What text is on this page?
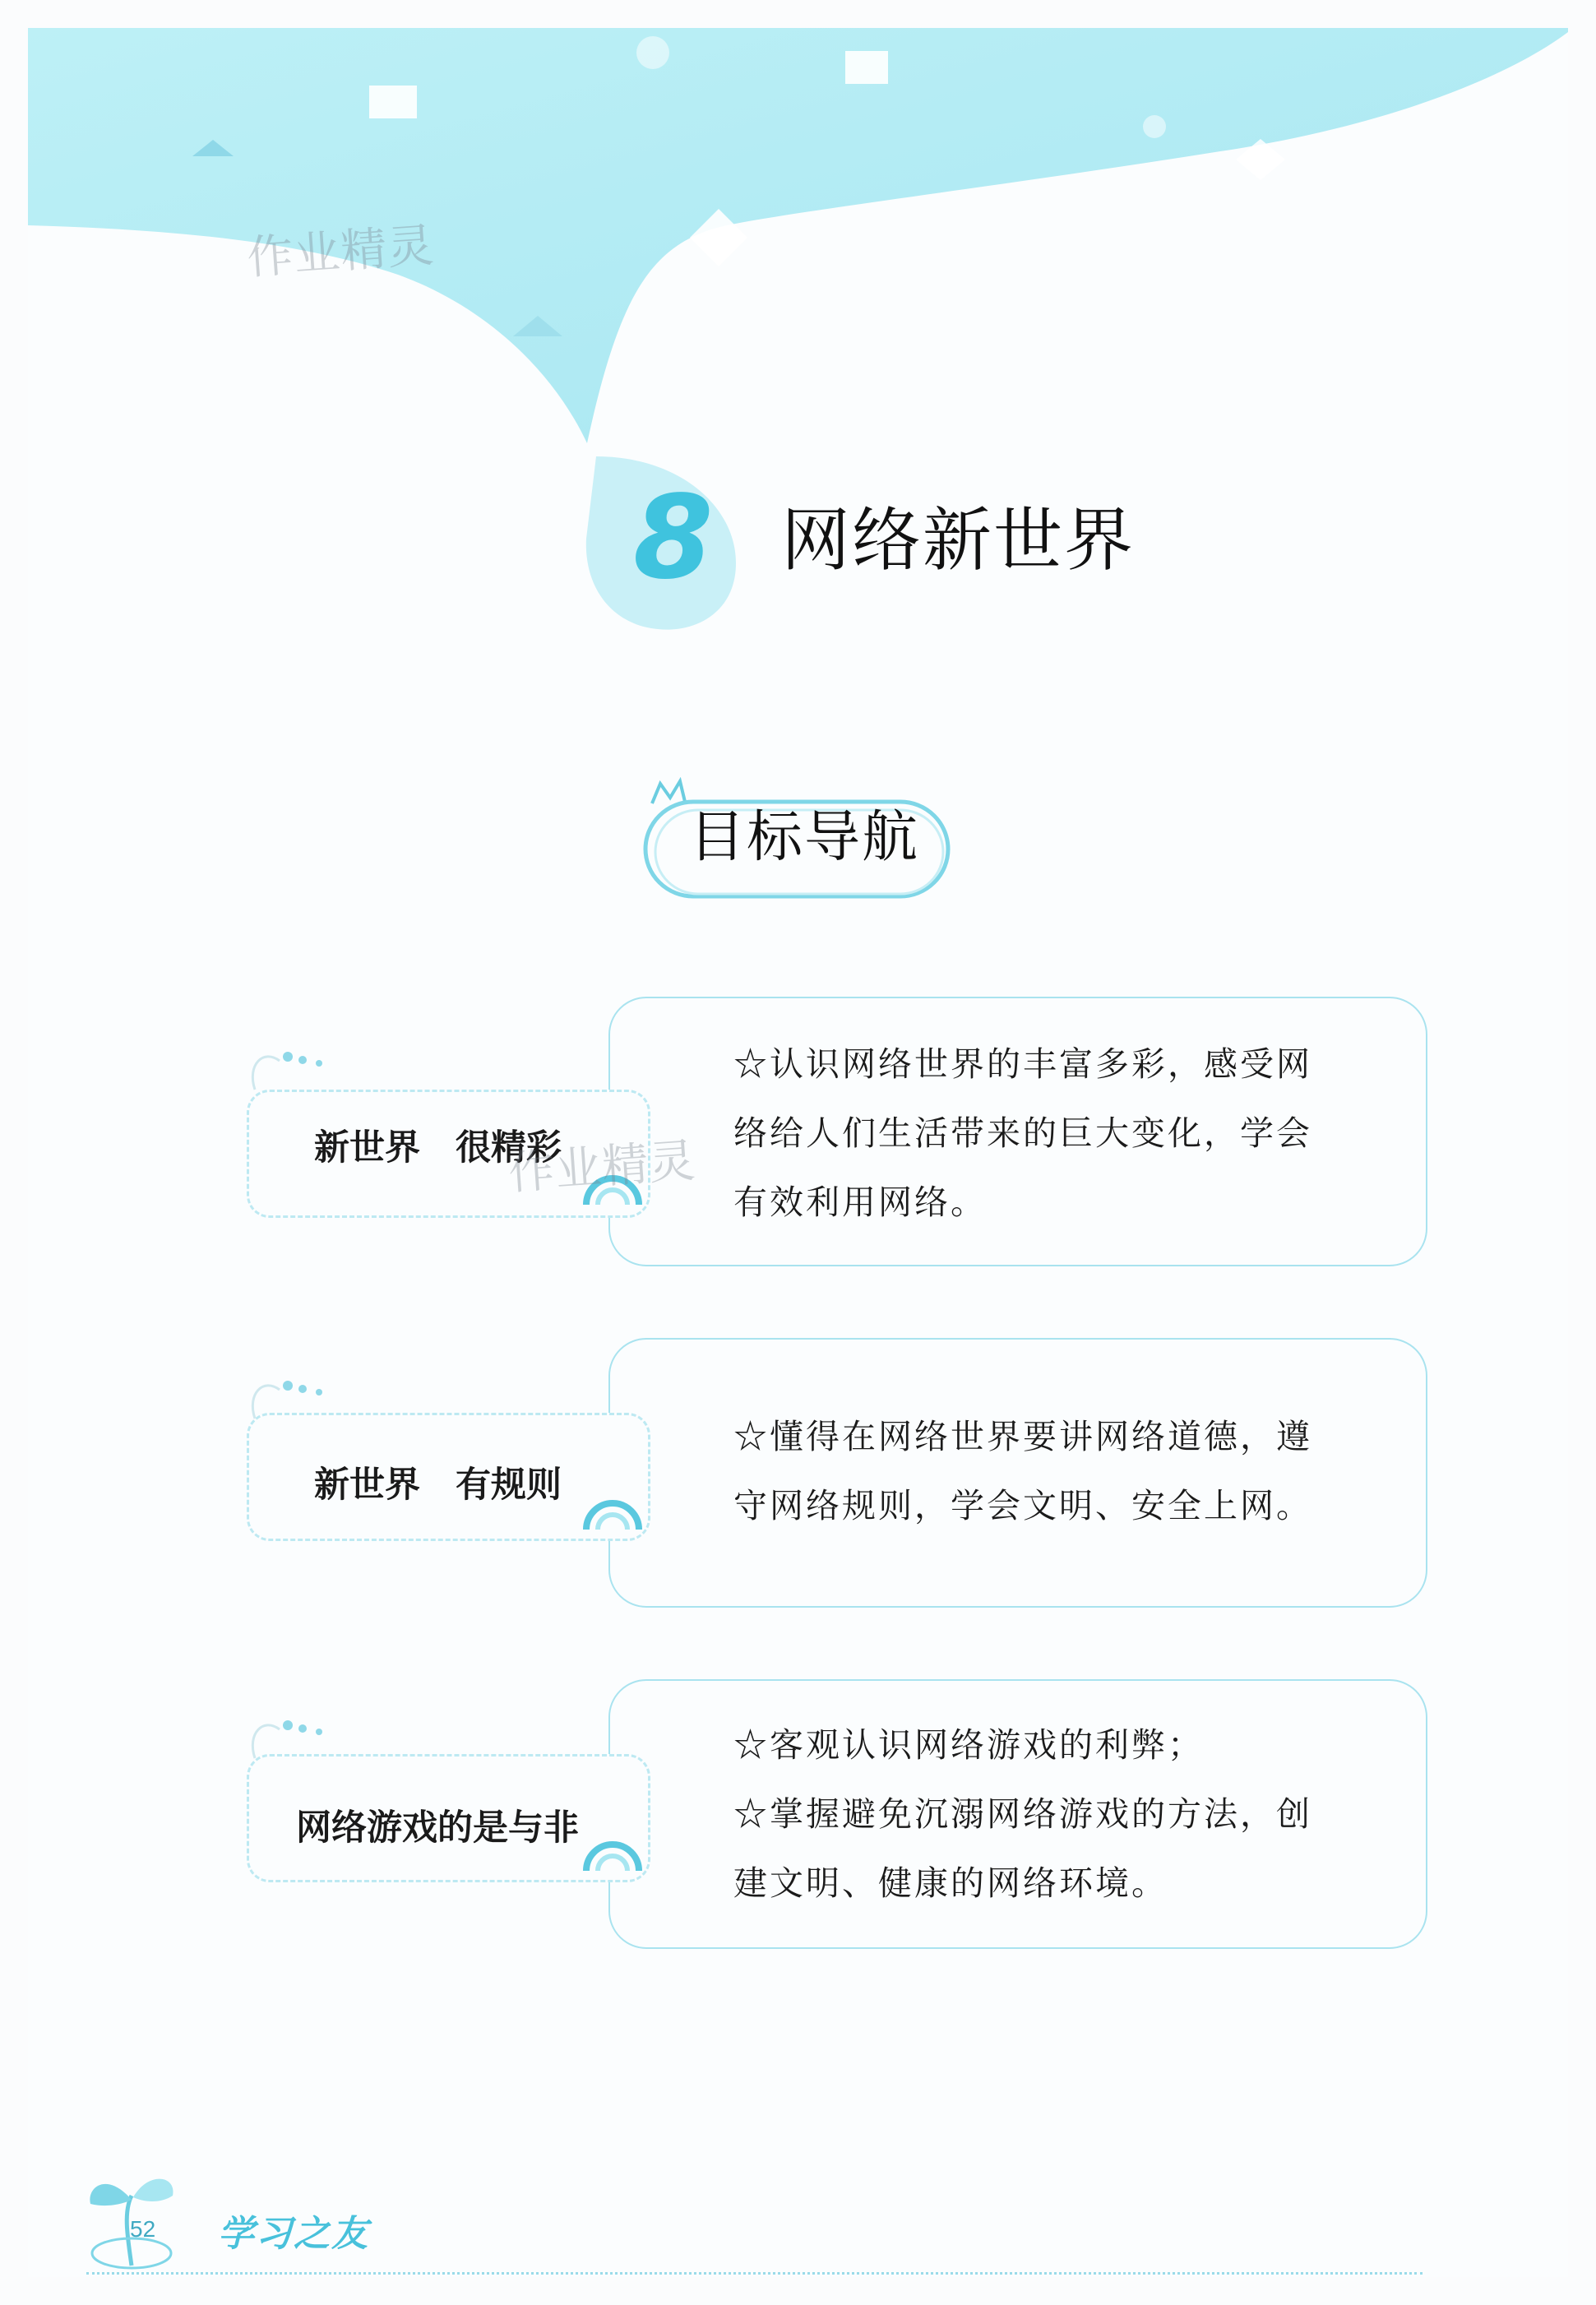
8 网络新世界
目标导航
新世界　很精彩

☆认识网络世界的丰富多彩，感受网

络给人们生活带来的巨大变化，学会

有效利用网络。

新世界　有规则

☆懂得在网络世界要讲网络道德，遵

守网络规则，学会文明、安全上网。

网络游戏的是与非

☆客观认识网络游戏的利弊；

☆掌握避免沉溺网络游戏的方法，创

建文明、健康的网络环境。

作业精灵
作业精灵
52 学习之友
